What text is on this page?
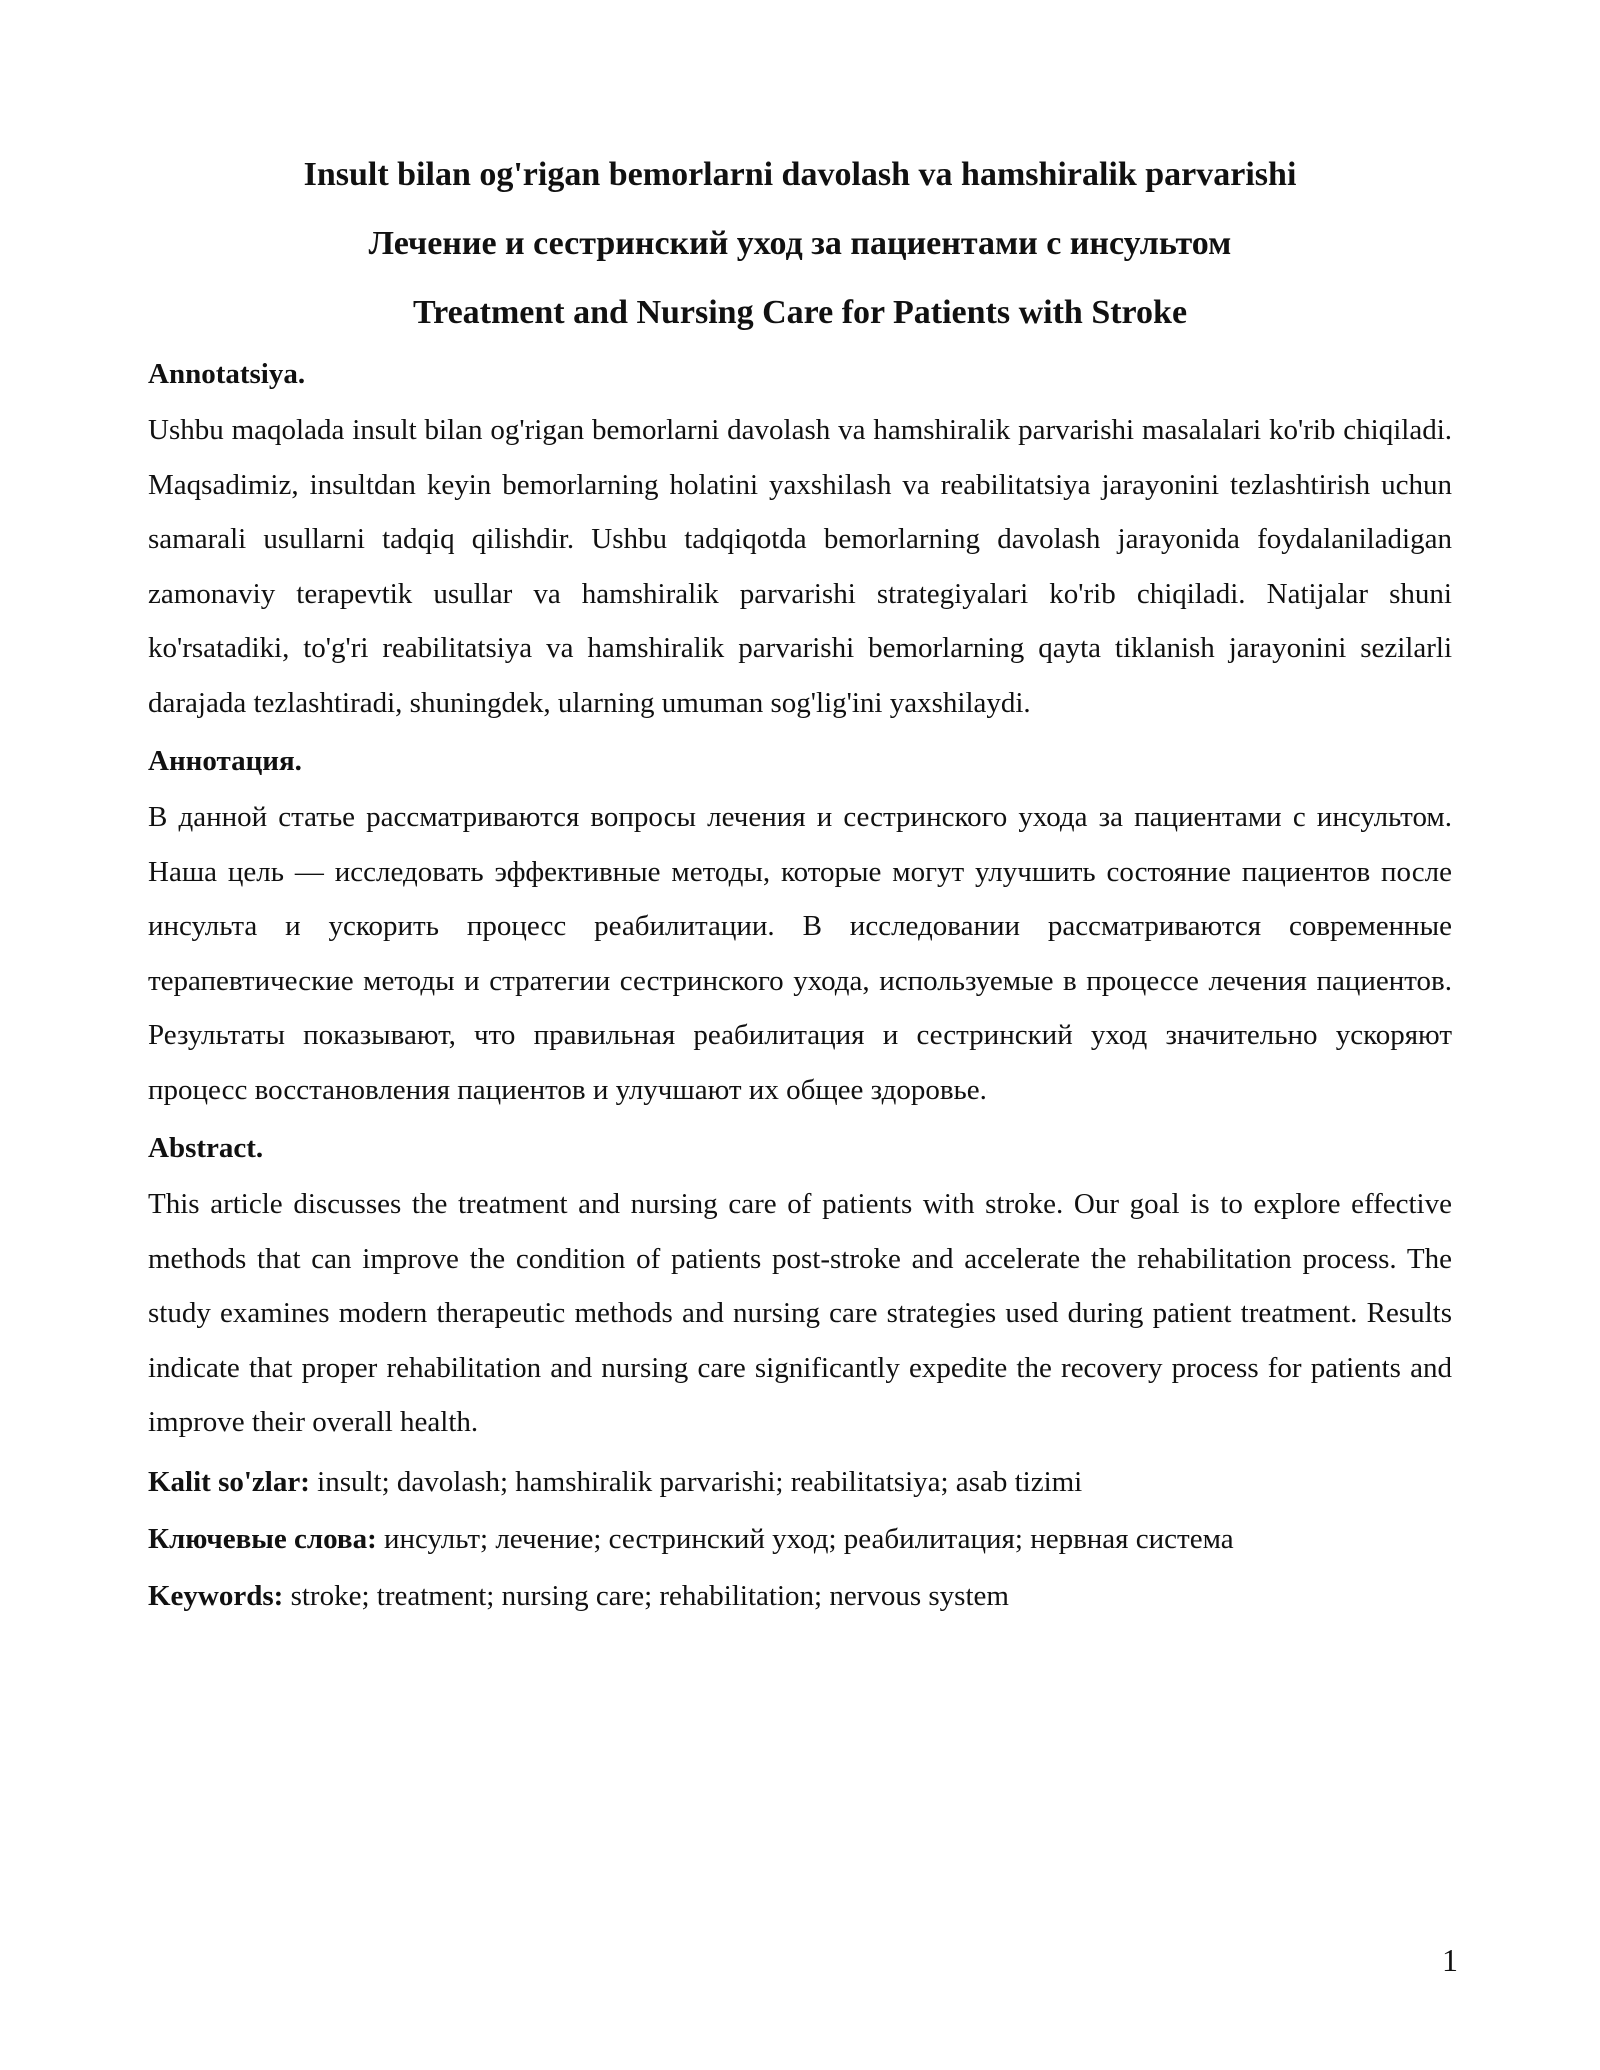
Insult bilan og'rigan bemorlarni davolash va hamshiralik parvarishi
Лечение и сестринский уход за пациентами с инсультом
Treatment and Nursing Care for Patients with Stroke

Annotatsiya.

Ushbu maqolada insult bilan og'rigan bemorlarni davolash va hamshiralik parvarishi masalalari ko'rib chiqiladi. Maqsadimiz, insultdan keyin bemorlarning holatini yaxshilash va reabilitatsiya jarayonini tezlashtirish uchun samarali usullarni tadqiq qilishdir. Ushbu tadqiqotda bemorlarning davolash jarayonida foydalaniladigan zamonaviy terapevtik usullar va hamshiralik parvarishi strategiyalari ko'rib chiqiladi. Natijalar shuni ko'rsatadiki, to'g'ri reabilitatsiya va hamshiralik parvarishi bemorlarning qayta tiklanish jarayonini sezilarli darajada tezlashtiradi, shuningdek, ularning umuman sog'lig'ini yaxshilaydi.

Аннотация.

В данной статье рассматриваются вопросы лечения и сестринского ухода за пациентами с инсультом. Наша цель — исследовать эффективные методы, которые могут улучшить состояние пациентов после инсульта и ускорить процесс реабилитации. В исследовании рассматриваются современные терапевтические методы и стратегии сестринского ухода, используемые в процессе лечения пациентов. Результаты показывают, что правильная реабилитация и сестринский уход значительно ускоряют процесс восстановления пациентов и улучшают их общее здоровье.

Abstract.

This article discusses the treatment and nursing care of patients with stroke. Our goal is to explore effective methods that can improve the condition of patients post-stroke and accelerate the rehabilitation process. The study examines modern therapeutic methods and nursing care strategies used during patient treatment. Results indicate that proper rehabilitation and nursing care significantly expedite the recovery process for patients and improve their overall health.

Kalit so'zlar: insult; davolash; hamshiralik parvarishi; reabilitatsiya; asab tizimi

Ключевые слова: инсульт; лечение; сестринский уход; реабилитация; нервная система

Keywords: stroke; treatment; nursing care; rehabilitation; nervous system

1
